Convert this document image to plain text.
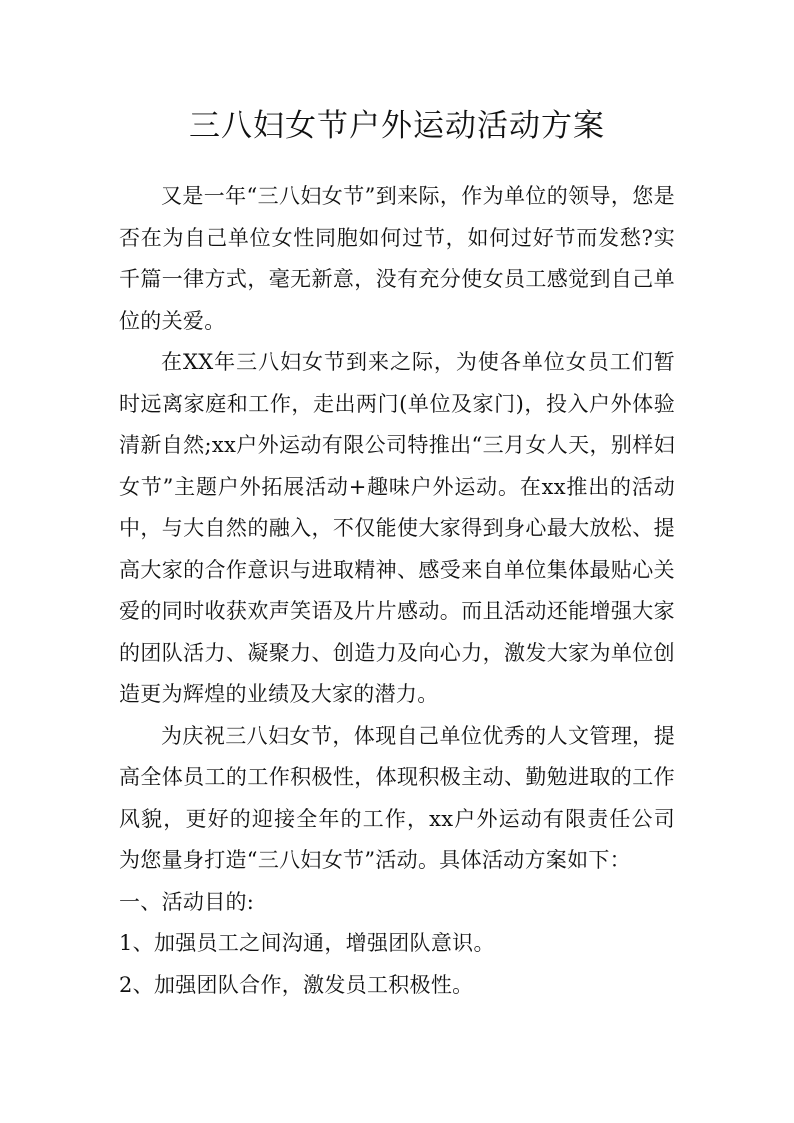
三八妇女节户外运动活动方案

又是一年“三八妇女节”到来际，作为单位的领导，您是否在为自己单位女性同胞如何过节，如何过好节而发愁?实千篇一律方式，毫无新意，没有充分使女员工感觉到自己单位的关爱。

在XX年三八妇女节到来之际，为使各单位女员工们暂时远离家庭和工作，走出两门(单位及家门)，投入户外体验清新自然;xx户外运动有限公司特推出“三月女人天，别样妇女节”主题户外拓展活动+趣味户外运动。在xx推出的活动中，与大自然的融入，不仅能使大家得到身心最大放松、提高大家的合作意识与进取精神、感受来自单位集体最贴心关爱的同时收获欢声笑语及片片感动。而且活动还能增强大家的团队活力、凝聚力、创造力及向心力，激发大家为单位创造更为辉煌的业绩及大家的潜力。

为庆祝三八妇女节，体现自己单位优秀的人文管理，提高全体员工的工作积极性，体现积极主动、勤勉进取的工作风貌，更好的迎接全年的工作，xx户外运动有限责任公司为您量身打造“三八妇女节”活动。具体活动方案如下：

一、活动目的:

1、加强员工之间沟通，增强团队意识。

2、加强团队合作，激发员工积极性。
